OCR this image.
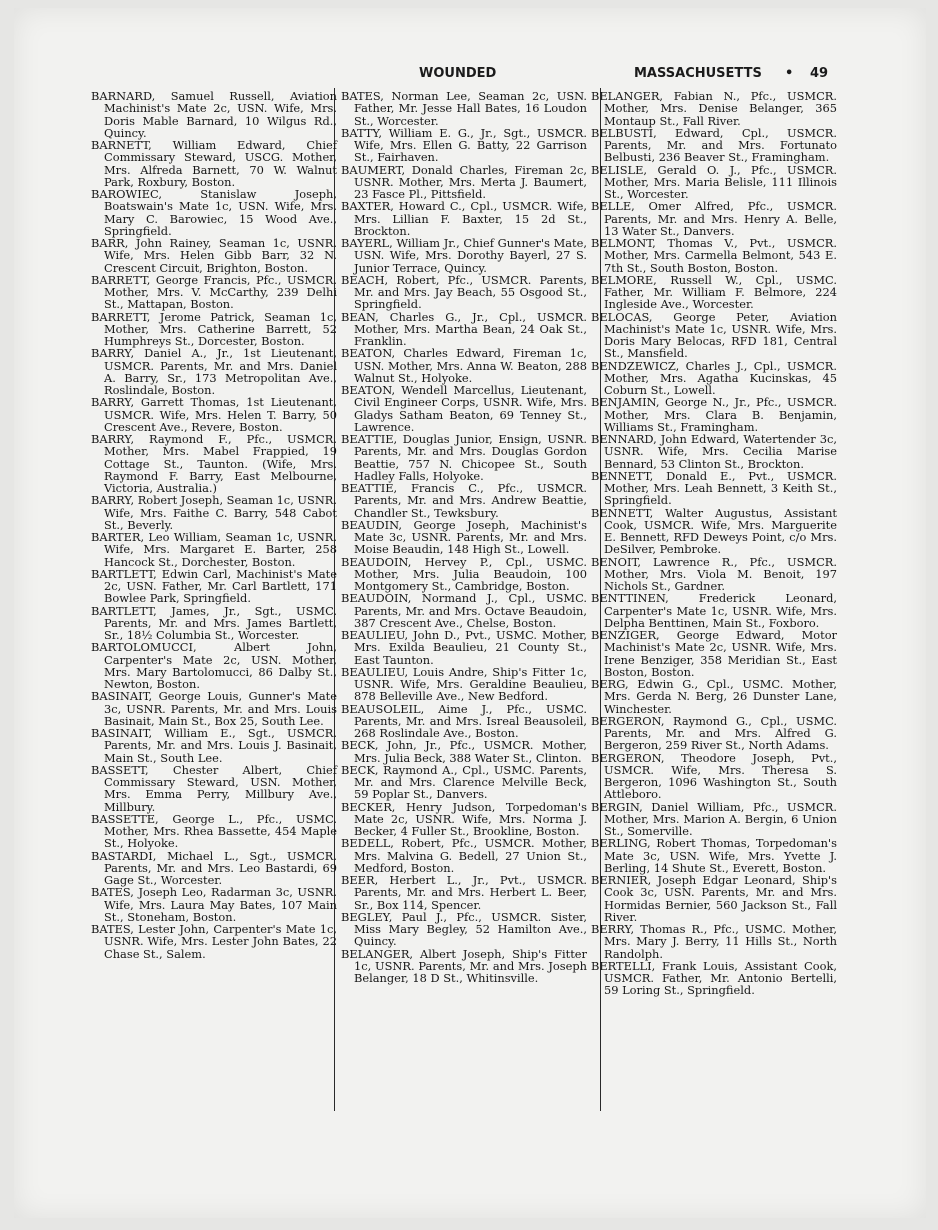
WOUNDED	MASSACHUSETTS • 49

BARNARD, Samuel Russell, Aviation Machinist's Mate 2c, USN. Wife, Mrs. Doris Mable Barnard, 10 Wilgus Rd., Quincy.

BARNETT, William Edward, Chief Commissary Steward, USCG. Mother, Mrs. Alfreda Barnett, 70 W. Walnut Park, Roxbury, Boston.

BAROWIEC, Stanislaw Joseph, Boatswain's Mate 1c, USN. Wife, Mrs. Mary C. Barowiec, 15 Wood Ave., Springfield.

BARR, John Rainey, Seaman 1c, USNR. Wife, Mrs. Helen Gibb Barr, 32 N. Crescent Circuit, Brighton, Boston.

BARRETT, George Francis, Pfc., USMCR. Mother, Mrs. V. McCarthy, 239 Delhi St., Mattapan, Boston.

BARRETT, Jerome Patrick, Seaman 1c, Mother, Mrs. Catherine Barrett, 52 Humphreys St., Dorcester, Boston.

BARRY, Daniel A., Jr., 1st Lieutenant, USMCR. Parents, Mr. and Mrs. Daniel A. Barry, Sr., 173 Metropolitan Ave., Roslindale, Boston.

BARRY, Garrett Thomas, 1st Lieutenant, USMCR. Wife, Mrs. Helen T. Barry, 50 Crescent Ave., Revere, Boston.

BARRY, Raymond F., Pfc., USMCR. Mother, Mrs. Mabel Frappied, 19 Cottage St., Taunton. (Wife, Mrs. Raymond F. Barry, East Melbourne, Victoria, Australia.)

BARRY, Robert Joseph, Seaman 1c, USNR. Wife, Mrs. Faithe C. Barry, 548 Cabot St., Beverly.

BARTER, Leo William, Seaman 1c, USNR. Wife, Mrs. Margaret E. Barter, 258 Hancock St., Dorchester, Boston.

BARTLETT, Edwin Carl, Machinist's Mate 2c, USN. Father, Mr. Carl Bartlett, 171 Bowlee Park, Springfield.

BARTLETT, James, Jr., Sgt., USMC. Parents, Mr. and Mrs. James Bartlett, Sr., 18½ Columbia St., Worcester.

BARTOLOMUCCI, Albert John, Carpenter's Mate 2c, USN. Mother, Mrs. Mary Bartolomucci, 86 Dalby St., Newton, Boston.

BASINAIT, George Louis, Gunner's Mate 3c, USNR. Parents, Mr. and Mrs. Louis Basinait, Main St., Box 25, South Lee.

BASINAIT, William E., Sgt., USMCR. Parents, Mr. and Mrs. Louis J. Basinait, Main St., South Lee.

BASSETT, Chester Albert, Chief Commissary Steward, USN. Mother, Mrs. Emma Perry, Millbury Ave., Millbury.

BASSETTE, George L., Pfc., USMC. Mother, Mrs. Rhea Bassette, 454 Maple St., Holyoke.

BASTARDI, Michael L., Sgt., USMCR. Parents, Mr. and Mrs. Leo Bastardi, 69 Gage St., Worcester.

BATES, Joseph Leo, Radarman 3c, USNR. Wife, Mrs. Laura May Bates, 107 Main St., Stoneham, Boston.

BATES, Lester John, Carpenter's Mate 1c, USNR. Wife, Mrs. Lester John Bates, 22 Chase St., Salem.

BATES, Norman Lee, Seaman 2c, USN. Father, Mr. Jesse Hall Bates, 16 Loudon St., Worcester.

BATTY, William E. G., Jr., Sgt., USMCR. Wife, Mrs. Ellen G. Batty, 22 Garrison St., Fairhaven.

BAUMERT, Donald Charles, Fireman 2c, USNR. Mother, Mrs. Merta J. Baumert, 23 Fasce Pl., Pittsfield.

BAXTER, Howard C., Cpl., USMCR. Wife, Mrs. Lillian F. Baxter, 15 2d St., Brockton.

BAYERL, William Jr., Chief Gunner's Mate, USN. Wife, Mrs. Dorothy Bayerl, 27 S. Junior Terrace, Quincy.

BEACH, Robert, Pfc., USMCR. Parents, Mr. and Mrs. Jay Beach, 55 Osgood St., Springfield.

BEAN, Charles G., Jr., Cpl., USMCR. Mother, Mrs. Martha Bean, 24 Oak St., Franklin.

BEATON, Charles Edward, Fireman 1c, USN. Mother, Mrs. Anna W. Beaton, 288 Walnut St., Holyoke.

BEATON, Wendell Marcellus, Lieutenant, Civil Engineer Corps, USNR. Wife, Mrs. Gladys Satham Beaton, 69 Tenney St., Lawrence.

BEATTIE, Douglas Junior, Ensign, USNR. Parents, Mr. and Mrs. Douglas Gordon Beattie, 757 N. Chicopee St., South Hadley Falls, Holyoke.

BEATTIE, Francis C., Pfc., USMCR. Parents, Mr. and Mrs. Andrew Beattie, Chandler St., Tewksbury.

BEAUDIN, George Joseph, Machinist's Mate 3c, USNR. Parents, Mr. and Mrs. Moise Beaudin, 148 High St., Lowell.

BEAUDOIN, Hervey P., Cpl., USMC. Mother, Mrs. Julia Beaudoin, 100 Montgomery St., Cambridge, Boston.

BEAUDOIN, Normand J., Cpl., USMC. Parents, Mr. and Mrs. Octave Beaudoin, 387 Crescent Ave., Chelse, Boston.

BEAULIEU, John D., Pvt., USMC. Mother, Mrs. Exilda Beaulieu, 21 County St., East Taunton.

BEAULIEU, Louis Andre, Ship's Fitter 1c, USNR. Wife, Mrs. Geraldine Beaulieu, 878 Belleville Ave., New Bedford.

BEAUSOLEIL, Aime J., Pfc., USMC. Parents, Mr. and Mrs. Isreal Beausoleil, 268 Roslindale Ave., Boston.

BECK, John, Jr., Pfc., USMCR. Mother, Mrs. Julia Beck, 388 Water St., Clinton.

BECK, Raymond A., Cpl., USMC. Parents, Mr. and Mrs. Clarence Melville Beck, 59 Poplar St., Danvers.

BECKER, Henry Judson, Torpedoman's Mate 2c, USNR. Wife, Mrs. Norma J. Becker, 4 Fuller St., Brookline, Boston.

BEDELL, Robert, Pfc., USMCR. Mother, Mrs. Malvina G. Bedell, 27 Union St., Medford, Boston.

BEER, Herbert L., Jr., Pvt., USMCR. Parents, Mr. and Mrs. Herbert L. Beer, Sr., Box 114, Spencer.

BEGLEY, Paul J., Pfc., USMCR. Sister, Miss Mary Begley, 52 Hamilton Ave., Quincy.

BELANGER, Albert Joseph, Ship's Fitter 1c, USNR. Parents, Mr. and Mrs. Joseph Belanger, 18 D St., Whitinsville.

BELANGER, Fabian N., Pfc., USMCR. Mother, Mrs. Denise Belanger, 365 Montaup St., Fall River.

BELBUSTI, Edward, Cpl., USMCR. Parents, Mr. and Mrs. Fortunato Belbusti, 236 Beaver St., Framingham.

BELISLE, Gerald O. J., Pfc., USMCR. Mother, Mrs. Maria Belisle, 111 Illinois St., Worcester.

BELLE, Omer Alfred, Pfc., USMCR. Parents, Mr. and Mrs. Henry A. Belle, 13 Water St., Danvers.

BELMONT, Thomas V., Pvt., USMCR. Mother, Mrs. Carmella Belmont, 543 E. 7th St., South Boston, Boston.

BELMORE, Russell W., Cpl., USMC. Father, Mr. William F. Belmore, 224 Ingleside Ave., Worcester.

BELOCAS, George Peter, Aviation Machinist's Mate 1c, USNR. Wife, Mrs. Doris Mary Belocas, RFD 181, Central St., Mansfield.

BENDZEWICZ, Charles J., Cpl., USMCR. Mother, Mrs. Agatha Kucinskas, 45 Coburn St., Lowell.

BENJAMIN, George N., Jr., Pfc., USMCR. Mother, Mrs. Clara B. Benjamin, Williams St., Framingham.

BENNARD, John Edward, Watertender 3c, USNR. Wife, Mrs. Cecilia Marise Bennard, 53 Clinton St., Brockton.

BENNETT, Donald E., Pvt., USMCR. Mother, Mrs. Leah Bennett, 3 Keith St., Springfield.

BENNETT, Walter Augustus, Assistant Cook, USMCR. Wife, Mrs. Marguerite E. Bennett, RFD Deweys Point, c/o Mrs. DeSilver, Pembroke.

BENOIT, Lawrence R., Pfc., USMCR. Mother, Mrs. Viola M. Benoit, 197 Nichols St., Gardner.

BENTTINEN, Frederick Leonard, Carpenter's Mate 1c, USNR. Wife, Mrs. Delpha Benttinen, Main St., Foxboro.

BENZIGER, George Edward, Motor Machinist's Mate 2c, USNR. Wife, Mrs. Irene Benziger, 358 Meridian St., East Boston, Boston.

BERG, Edwin G., Cpl., USMC. Mother, Mrs. Gerda N. Berg, 26 Dunster Lane, Winchester.

BERGERON, Raymond G., Cpl., USMC. Parents, Mr. and Mrs. Alfred G. Bergeron, 259 River St., North Adams.

BERGERON, Theodore Joseph, Pvt., USMCR. Wife, Mrs. Theresa S. Bergeron, 1096 Washington St., South Attleboro.

BERGIN, Daniel William, Pfc., USMCR. Mother, Mrs. Marion A. Bergin, 6 Union St., Somerville.

BERLING, Robert Thomas, Torpedoman's Mate 3c, USN. Wife, Mrs. Yvette J. Berling, 14 Shute St., Everett, Boston.

BERNIER, Joseph Edgar Leonard, Ship's Cook 3c, USN. Parents, Mr. and Mrs. Hormidas Bernier, 560 Jackson St., Fall River.

BERRY, Thomas R., Pfc., USMC. Mother, Mrs. Mary J. Berry, 11 Hills St., North Randolph.

BERTELLI, Frank Louis, Assistant Cook, USMCR. Father, Mr. Antonio Bertelli, 59 Loring St., Springfield.
